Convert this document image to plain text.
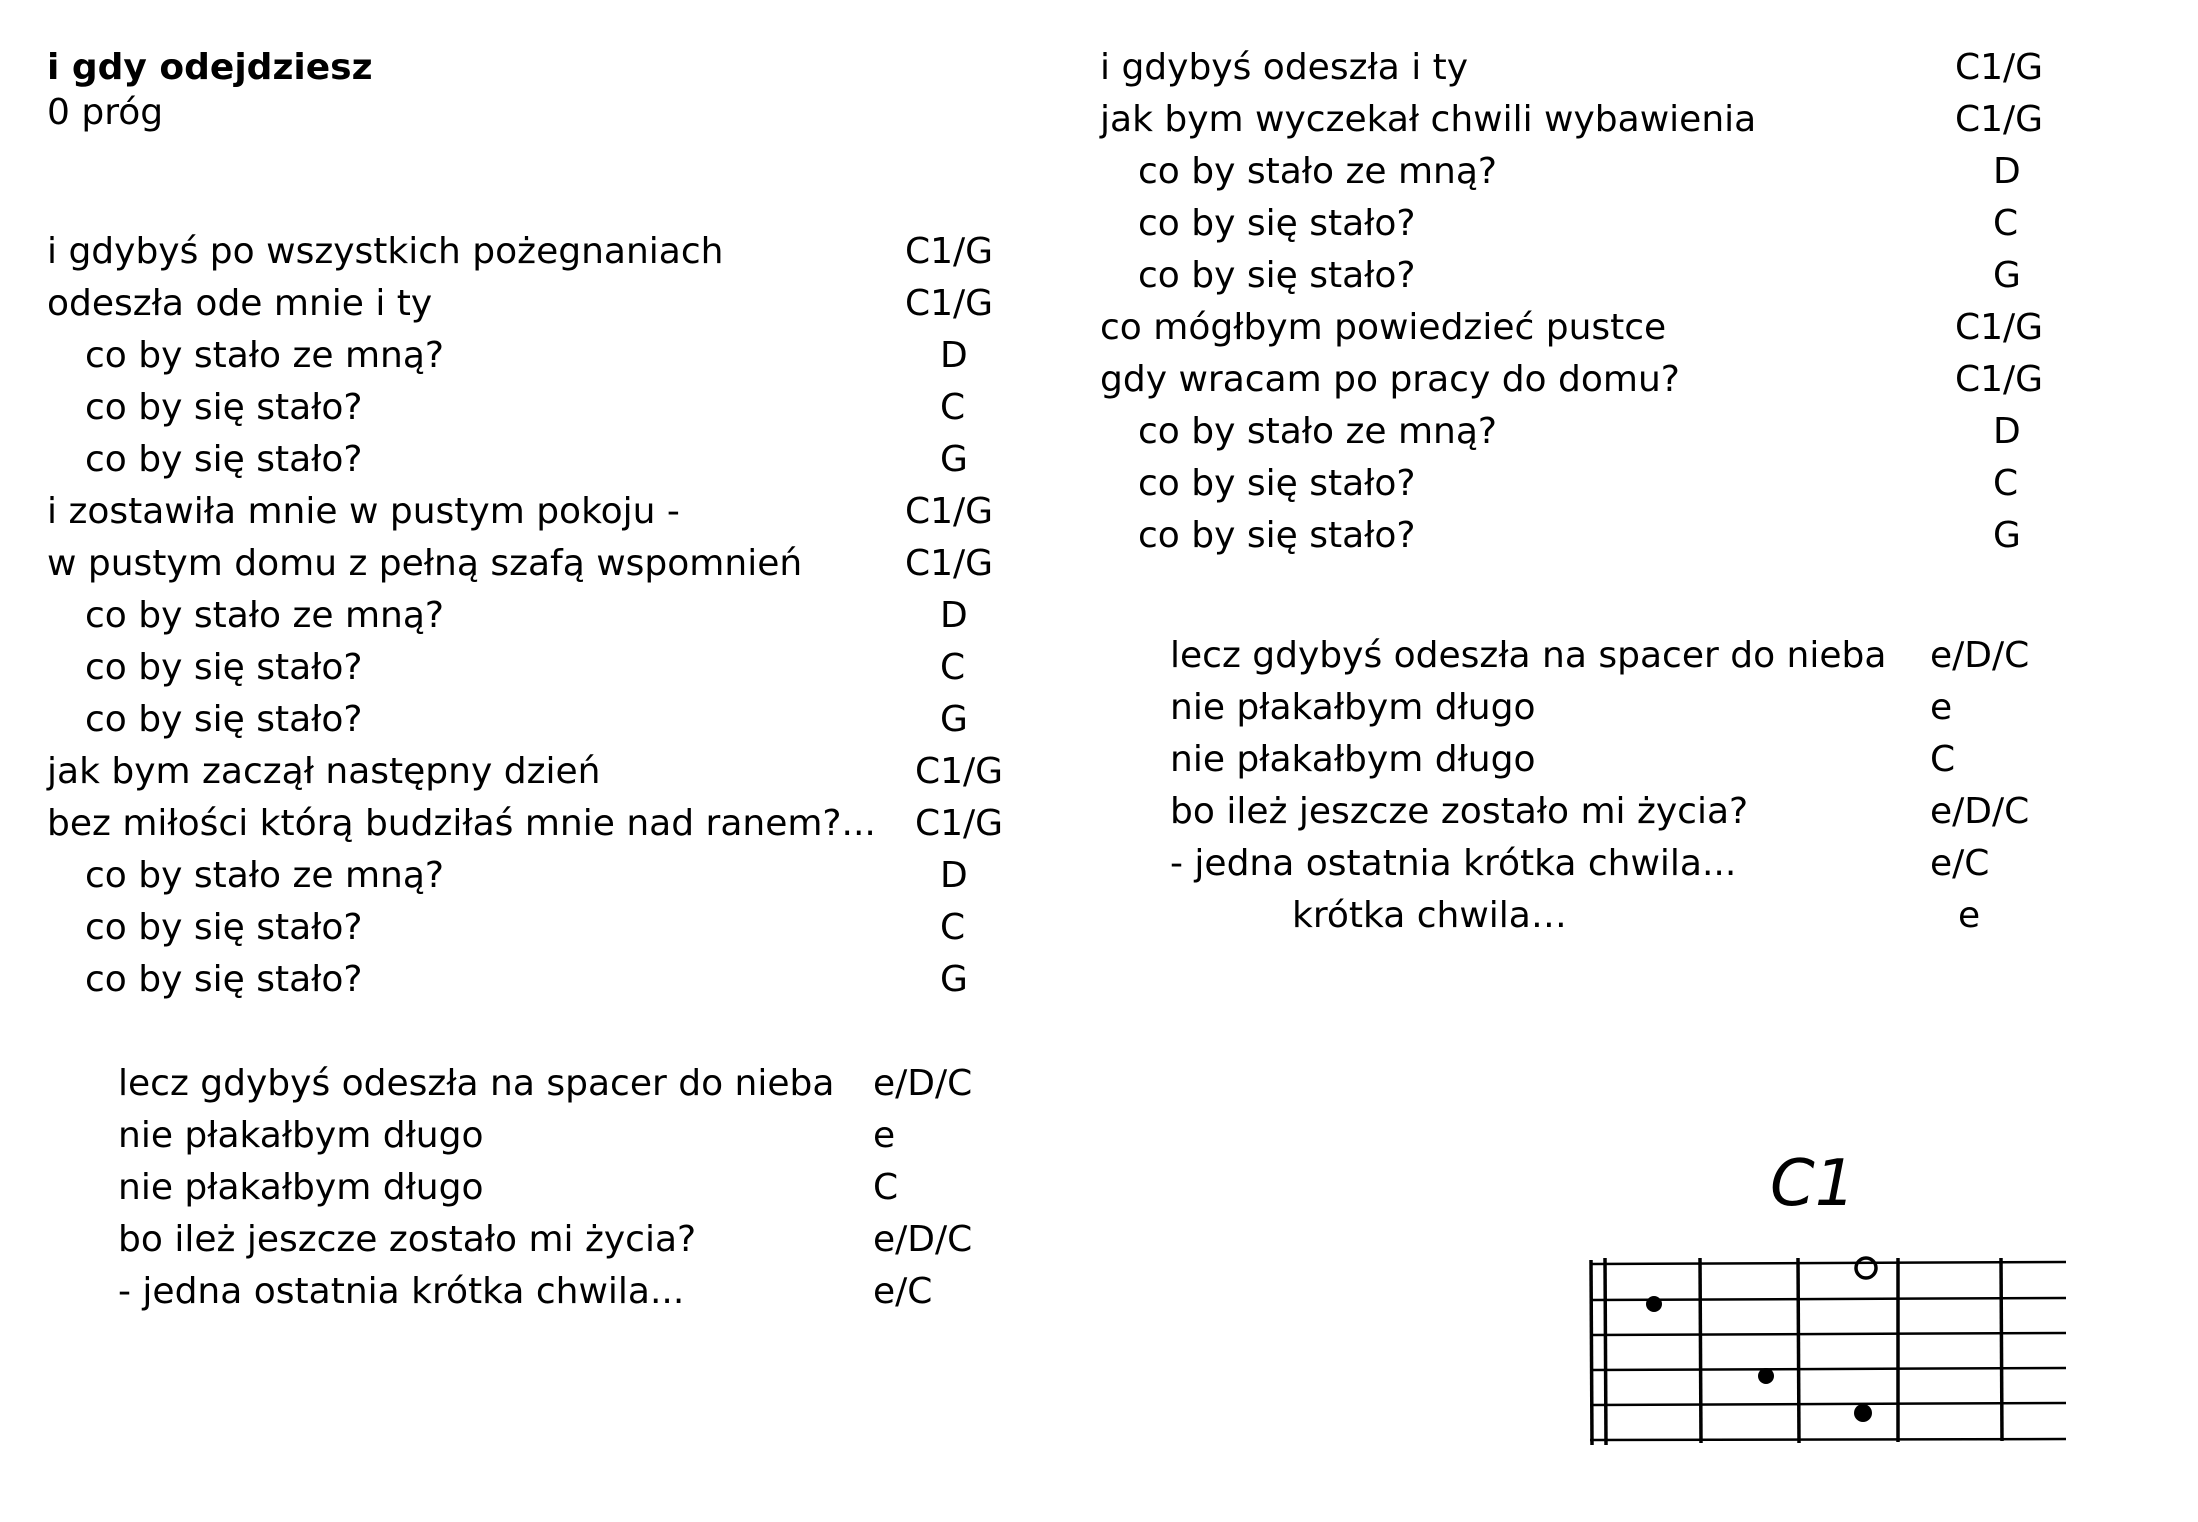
i gdy odejdziesz
0 próg
i gdybyś po wszystkich pożegnaniach	C1/G
odeszła ode mnie i ty	C1/G
co by stało ze mną?	D
co by się stało?	C
co by się stało?	G
i zostawiła mnie w pustym pokoju -	C1/G
w pustym domu z pełną szafą wspomnień	C1/G
co by stało ze mną?	D
co by się stało?	C
co by się stało?	G
jak bym zaczął następny dzień	C1/G
bez miłości którą budziłaś mnie nad ranem?... C1/G
co by stało ze mną?	D
co by się stało?	C
co by się stało?	G
lecz gdybyś odeszła na spacer do nieba e/D/C
nie płakałbym długo	e
nie płakałbym długo	C
bo ileż jeszcze zostało mi życia?	e/D/C
- jedna ostatnia krótka chwila...	e/C
i gdybyś odeszła i ty	C1/G
jak bym wyczekał chwili wybawienia	C1/G
co by stało ze mną?	D
co by się stało?	C
co by się stało?	G
co mógłbym powiedzieć pustce	C1/G
gdy wracam po pracy do domu?	C1/G
co by stało ze mną?	D
co by się stało?	C
co by się stało?	G
lecz gdybyś odeszła na spacer do nieba e/D/C
nie płakałbym długo	e
nie płakałbym długo	C
bo ileż jeszcze zostało mi życia?	e/D/C
- jedna ostatnia krótka chwila...	e/C
krótka chwila…	e
C1
